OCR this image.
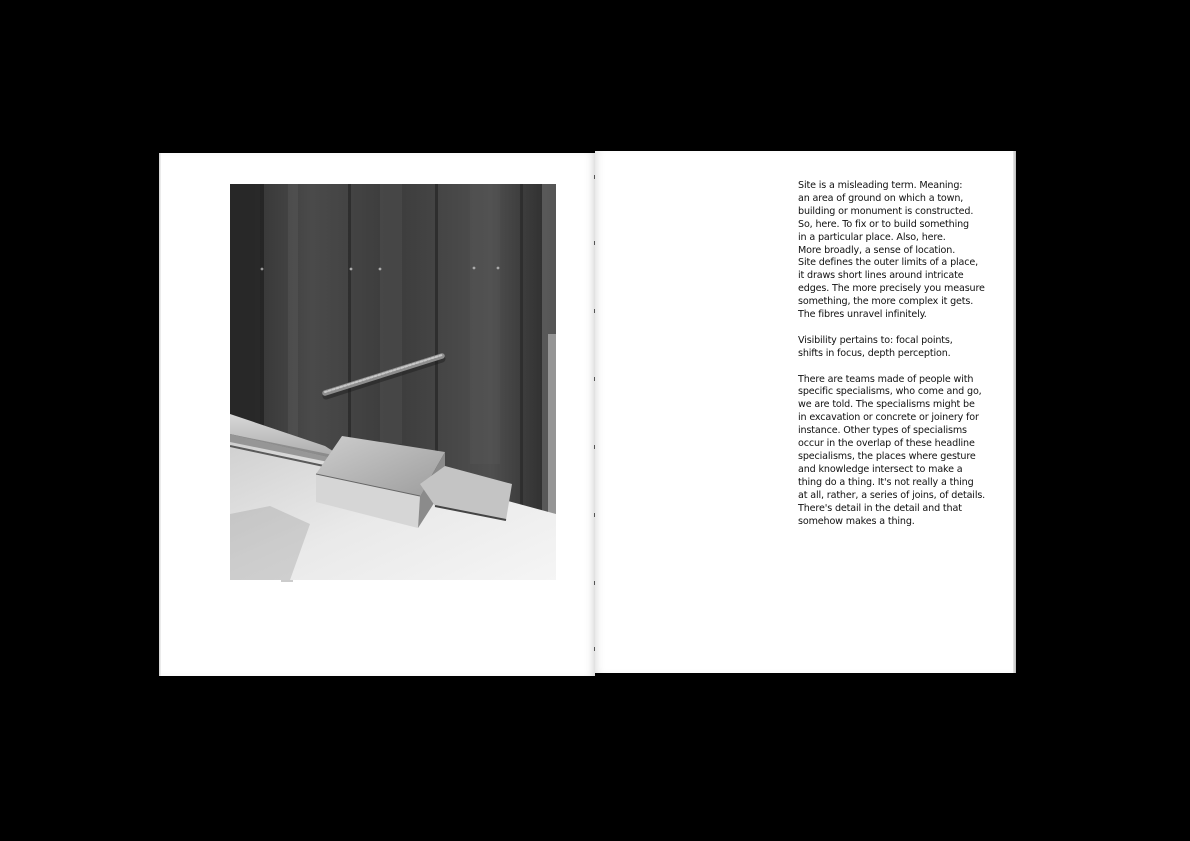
Site is a misleading term. Meaning:
an area of ground on which a town,
building or monument is constructed.
So, here. To fix or to build something
in a particular place. Also, here.
More broadly, a sense of location.
Site defines the outer limits of a place,
it draws short lines around intricate
edges. The more precisely you measure
something, the more complex it gets.
The fibres unravel infinitely.

Visibility pertains to: focal points,
shifts in focus, depth perception.

There are teams made of people with
specific specialisms, who come and go,
we are told. The specialisms might be
in excavation or concrete or joinery for
instance. Other types of specialisms
occur in the overlap of these headline
specialisms, the places where gesture
and knowledge intersect to make a
thing do a thing. It's not really a thing
at all, rather, a series of joins, of details.
There's detail in the detail and that
somehow makes a thing.
